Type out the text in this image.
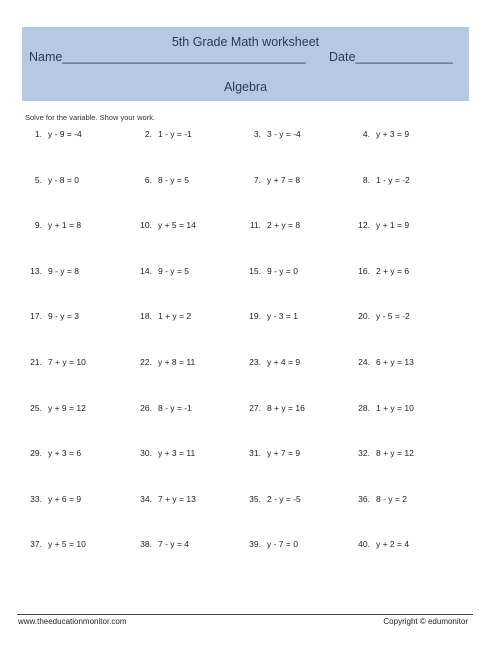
5th Grade Math worksheet
Name___________________________________ Date______________
Algebra
Solve for the variable. Show your work.
1. y - 9 = -4	2. 1 - y = -1	3. 3 - y = -4	4. y + 3 = 9
5. y - 8 = 0	6. 8 - y = 5	7. y + 7 = 8	8. 1 - y = -2
9. y + 1 = 8	10. y + 5 = 14	11. 2 + y = 8	12. y + 1 = 9
13. 9 - y = 8	14. 9 - y = 5	15. 9 - y = 0	16. 2 + y = 6
17. 9 - y = 3	18. 1 + y = 2	19. y - 3 = 1	20. y - 5 = -2
21. 7 + y = 10	22. y + 8 = 11	23. y + 4 = 9	24. 6 + y = 13
25. y + 9 = 12	26. 8 - y = -1	27. 8 + y = 16	28. 1 + y = 10
29. y + 3 = 6	30. y + 3 = 11	31. y + 7 = 9	32. 8 + y = 12
33. y + 6 = 9	34. 7 + y = 13	35. 2 - y = -5	36. 8 - y = 2
37. y + 5 = 10	38. 7 - y = 4	39. y - 7 = 0	40. y + 2 = 4
www.theeducationmonitor.com	Copyright © edumonitor
